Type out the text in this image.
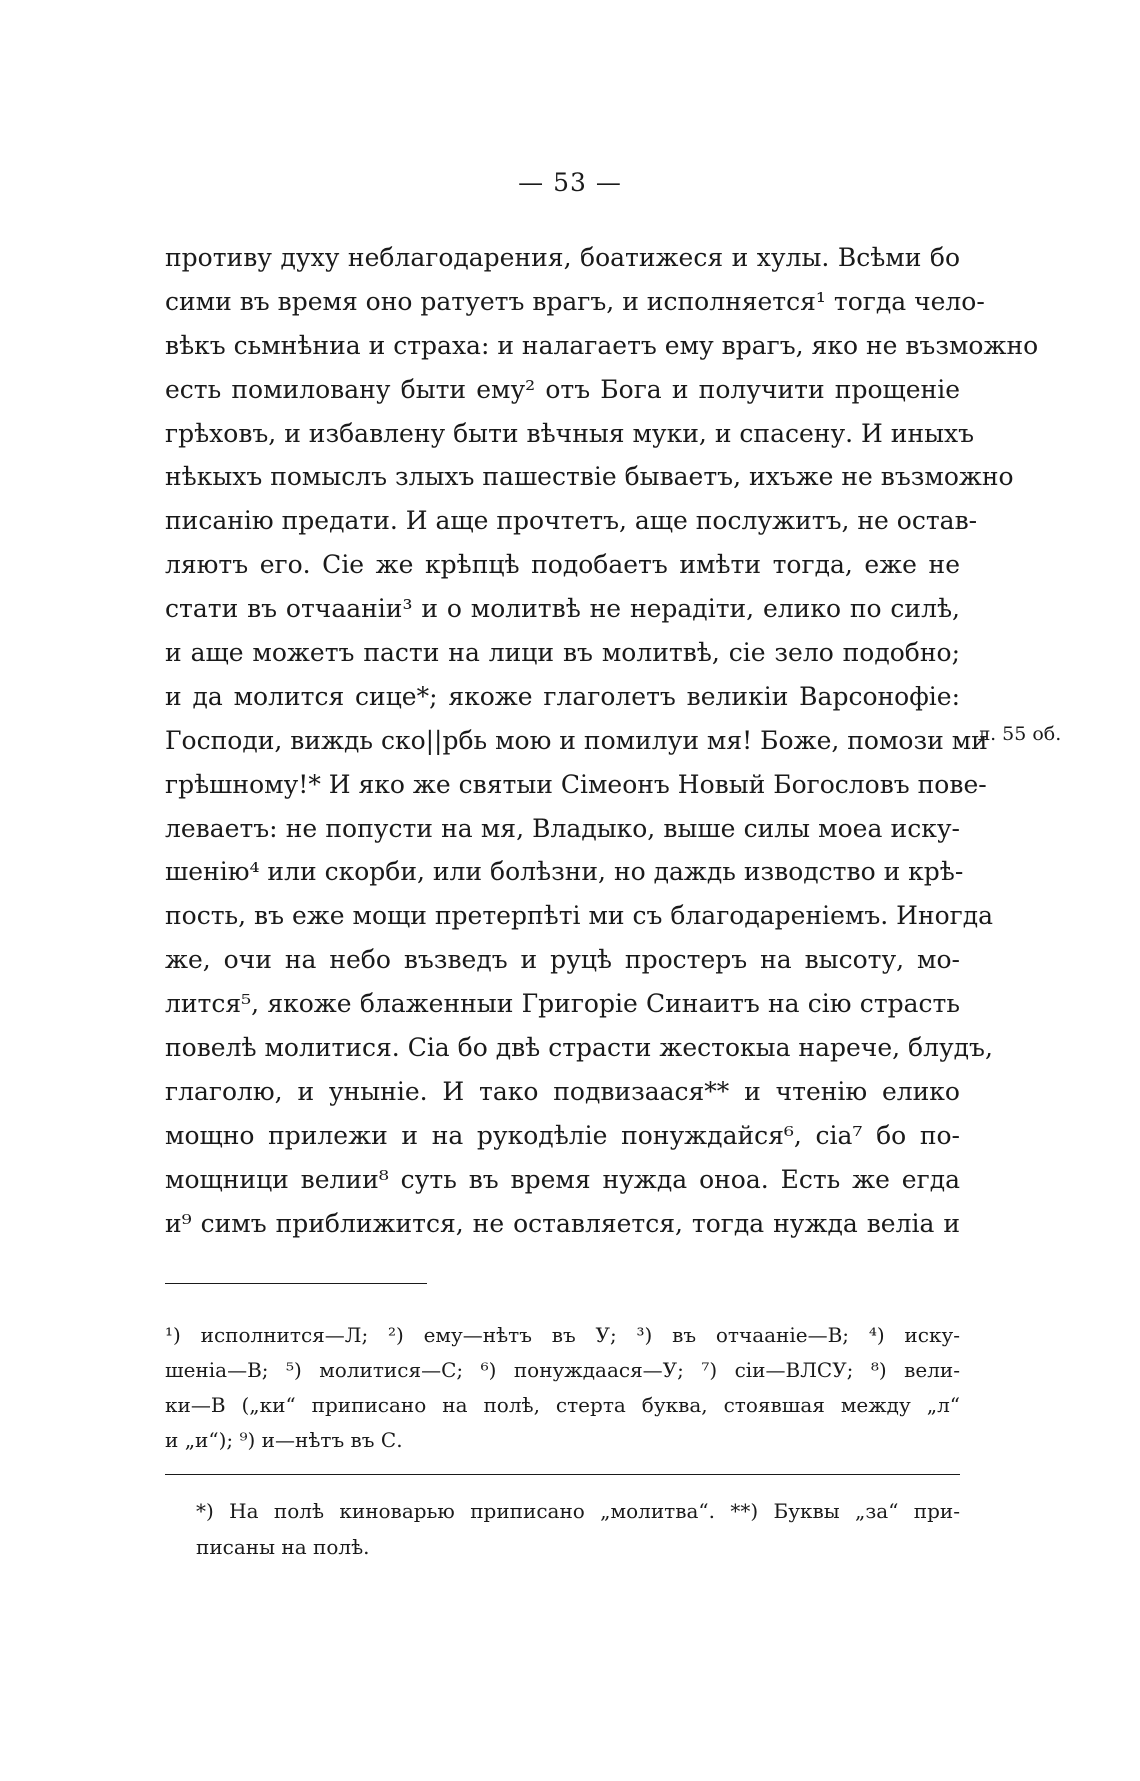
— 53 —
противу духу неблагодарения, боатижеся и хулы. Всѣми бо
сими въ время оно ратуетъ врагъ, и исполняется¹ тогда чело-
вѣкъ сьмнѣниа и страха: и налагаетъ ему врагъ, яко не възможно
есть помиловану быти ему² отъ Бога и получити прощеніе
грѣховъ, и избавлену быти вѣчныя муки, и спасену. И иныхъ
нѣкыхъ помыслъ злыхъ пашествіе бываетъ, ихъже не възможно
писанію предати. И аще прочтетъ, аще послужитъ, не остав-
ляютъ его. Сіе же крѣпцѣ подобаетъ имѣти тогда, еже не
стати въ отчааніи³ и о молитвѣ не нерадіти, елико по силѣ,
и аще можетъ пасти на лици въ молитвѣ, сіе зело подобно;
и да молится сице*; якоже глаголетъ великіи Варсонофіе:
Господи, виждь ско||рбь мою и помилуи мя! Боже, помози ми
грѣшному!* И яко же святыи Сімеонъ Новый Богословъ пове-
леваетъ: не попусти на мя, Владыко, выше силы моеа иску-
шенію⁴ или скорби, или болѣзни, но даждь изводство и крѣ-
пость, въ еже мощи претерпѣті ми съ благодареніемъ. Иногда
же, очи на небо възведъ и руцѣ простеръ на высоту, мо-
лится⁵, якоже блаженныи Григоріе Синаитъ на сію страсть
повелѣ молитися. Сіа бо двѣ страсти жестокыа нарече, блудъ,
глаголю, и уныніе. И тако подвизаася** и чтенію елико
мощно прилежи и на рукодѣліе понуждайся⁶, сіа⁷ бо по-
мощници велии⁸ суть въ время нужда оноа. Есть же егда
и⁹ симъ приближится, не оставляется, тогда нужда веліа и
л. 55 об.
¹) исполнится—Л; ²) ему—нѣтъ въ У; ³) въ отчааніе—В; ⁴) иску-
шеніа—В; ⁵) молитися—С; ⁶) понуждаася—У; ⁷) сіи—ВЛСУ; ⁸) вели-
ки—В („ки“ приписано на полѣ, стерта буква, стоявшая между „л“
и „и“); ⁹) и—нѣтъ въ С.
*) На полѣ киноварью приписано „молитва“. **) Буквы „за“ при-
писаны на полѣ.
